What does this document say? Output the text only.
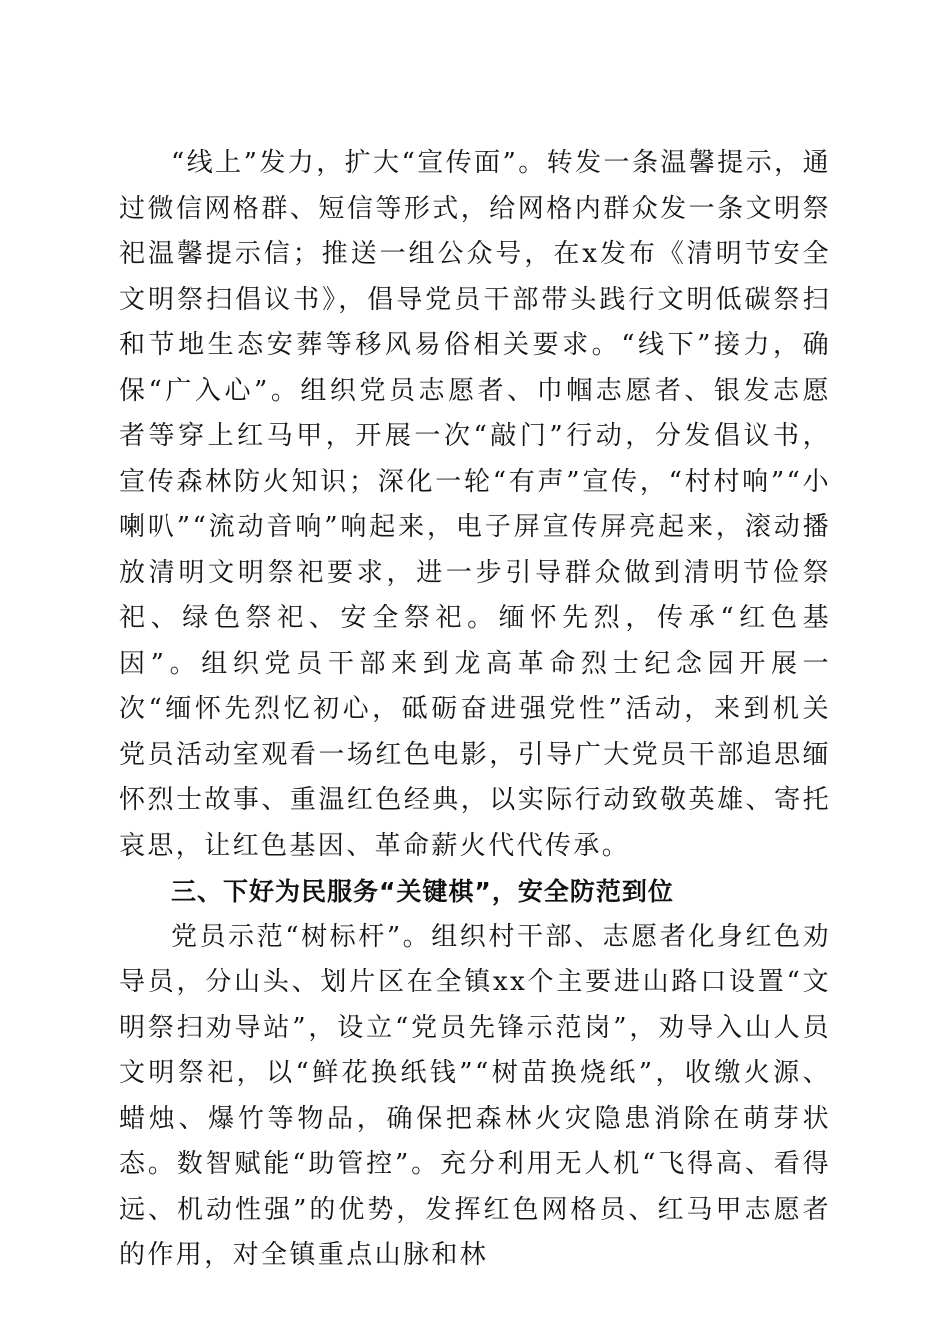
“线上”发力，扩大“宣传面”。转发一条温馨提示，通过微信网格群、短信等形式，给网格内群众发一条文明祭祀温馨提示信；推送一组公众号，在x发布《清明节安全文明祭扫倡议书》，倡导党员干部带头践行文明低碳祭扫和节地生态安葬等移风易俗相关要求。“线下”接力，确保“广入心”。组织党员志愿者、巾帼志愿者、银发志愿者等穿上红马甲，开展一次“敲门”行动，分发倡议书，宣传森林防火知识；深化一轮“有声”宣传，“村村响”“小喇叭”“流动音响”响起来，电子屏宣传屏亮起来，滚动播放清明文明祭祀要求，进一步引导群众做到清明节俭祭祀、绿色祭祀、安全祭祀。缅怀先烈，传承“红色基因”。组织党员干部来到龙高革命烈士纪念园开展一次“缅怀先烈忆初心，砥砺奋进强党性”活动，来到机关党员活动室观看一场红色电影，引导广大党员干部追思缅怀烈士故事、重温红色经典，以实际行动致敬英雄、寄托哀思，让红色基因、革命薪火代代传承。

三、下好为民服务“关键棋”，安全防范到位

党员示范“树标杆”。组织村干部、志愿者化身红色劝导员，分山头、划片区在全镇xx个主要进山路口设置“文明祭扫劝导站”，设立“党员先锋示范岗”，劝导入山人员文明祭祀，以“鲜花换纸钱”“树苗换烧纸”，收缴火源、蜡烛、爆竹等物品，确保把森林火灾隐患消除在萌芽状态。数智赋能“助管控”。充分利用无人机“飞得高、看得远、机动性强”的优势，发挥红色网格员、红马甲志愿者的作用，对全镇重点山脉和林
